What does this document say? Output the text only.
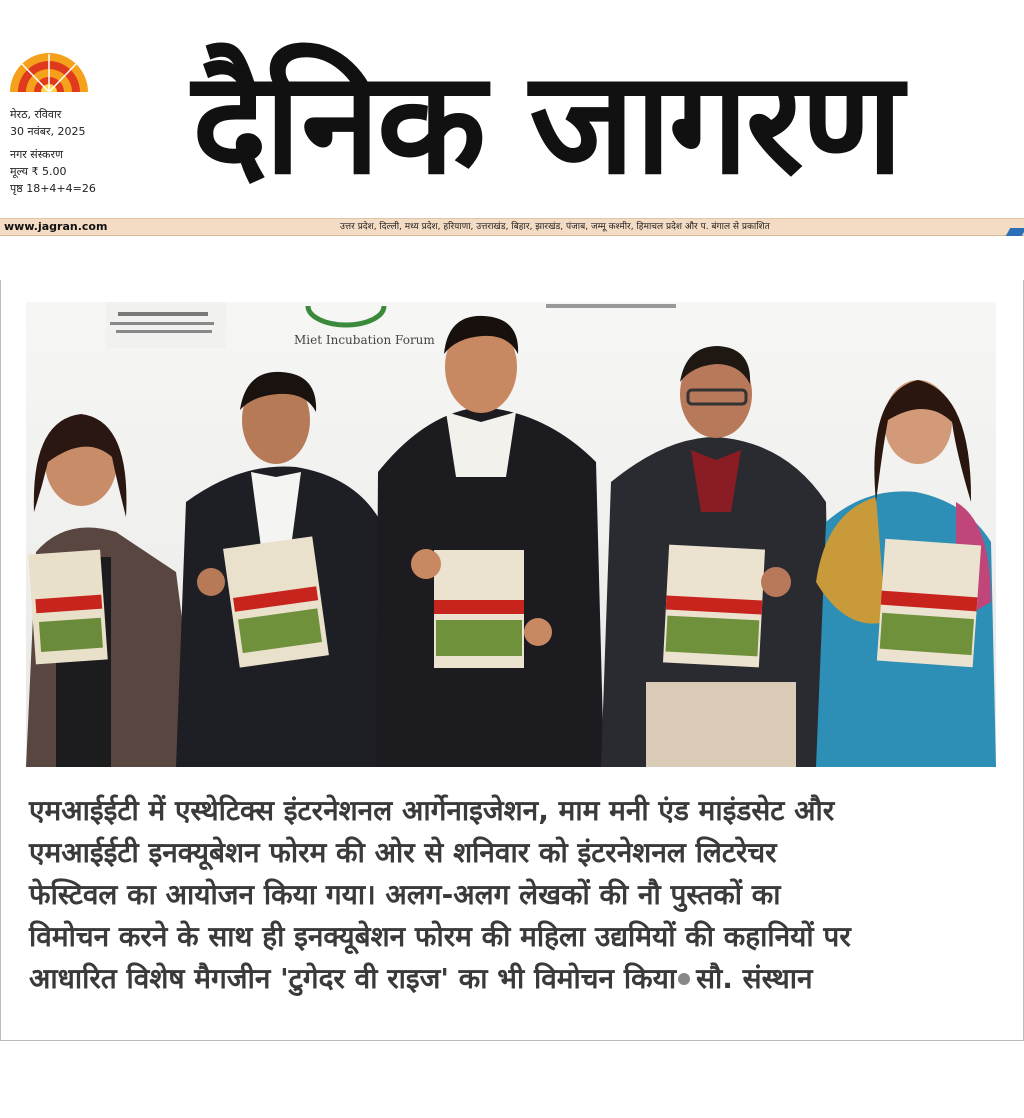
मेरठ, रविवार
30 नवंबर, 2025
नगर संस्करण
मूल्य ₹ 5.00
पृष्ठ 18+4+4=26 दैनिक जागरण
www.jagran.com	उत्तर प्रदेश, दिल्ली, मध्य प्रदेश, हरियाणा, उत्तराखंड, बिहार, झारखंड, पंजाब, जम्मू कश्मीर, हिमाचल प्रदेश और प. बंगाल से प्रकाशित
Miet Incubation Forum

एमआईईटी में एस्थेटिक्स इंटरनेशनल आर्गेनाइजेशन, माम मनी एंड माइंडसेट और

एमआईईटी इनक्यूबेशन फोरम की ओर से शनिवार को इंटरनेशनल लिटरेचर

फेस्टिवल का आयोजन किया गया। अलग-अलग लेखकों की नौ पुस्तकों का

विमोचन करने के साथ ही इनक्यूबेशन फोरम की महिला उद्यमियों की कहानियों पर

आधारित विशेष मैगजीन 'टुगेदर वी राइज' का भी विमोचन किया सौ. संस्थान
